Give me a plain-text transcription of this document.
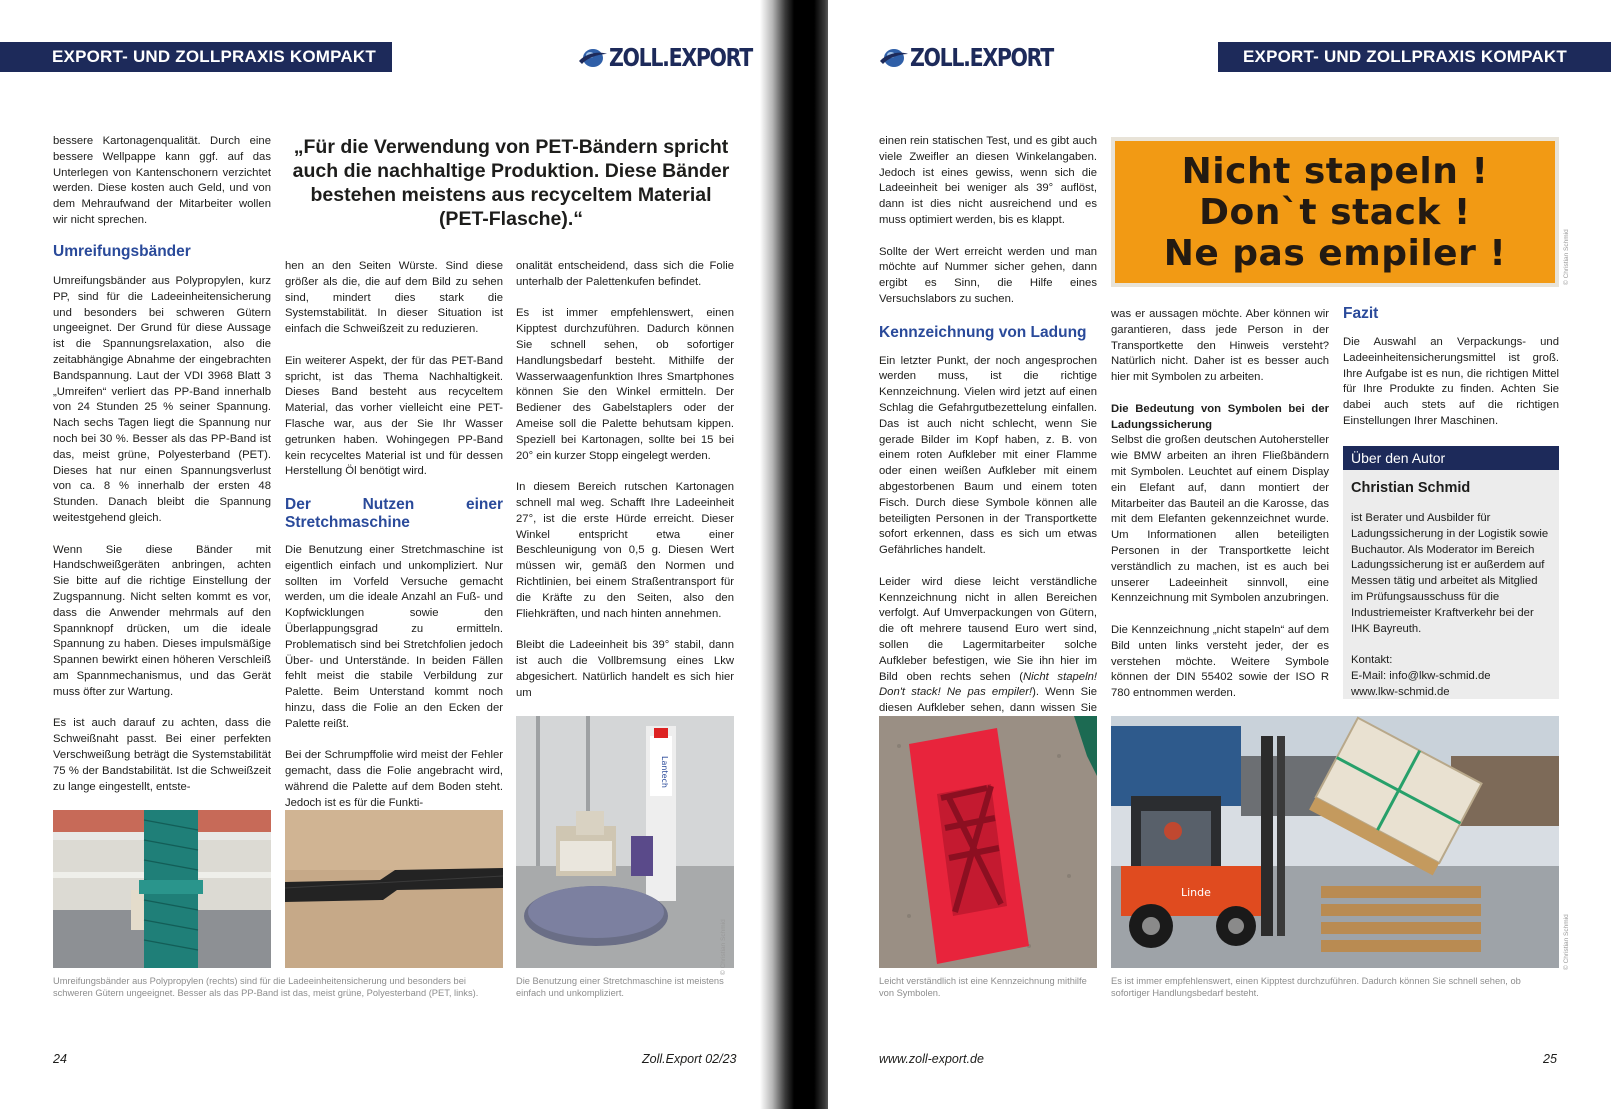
EXPORT- UND ZOLLPRAXIS KOMPAKT	ZOLL.EXPORT

bessere Kartonagenqualität. Durch eine bessere Wellpappe kann ggf. auf das Unterlegen von Kantenschonern verzichtet werden. Diese kosten auch Geld, und von dem Mehraufwand der Mitarbeiter wollen wir nicht sprechen.

„Für die Verwendung von PET-Bändern spricht auch die nachhaltige Produktion. Diese Bänder bestehen meistens aus recyceltem Material (PET-Flasche).“
Umreifungsbänder

Umreifungsbänder aus Polypropylen, kurz PP, sind für die Ladeeinheitensicherung und besonders bei schweren Gütern ungeeignet. Der Grund für diese Aussage ist die Spannungsrelaxation, also die zeitabhängige Abnahme der eingebrachten Bandspannung. Laut der VDI 3968 Blatt 3 „Umreifen“ verliert das PP-Band innerhalb von 24 Stunden 25 % seiner Spannung. Nach sechs Tagen liegt die Spannung nur noch bei 30 %. Besser als das PP-Band ist das, meist grüne, Polyesterband (PET). Dieses hat nur einen Spannungsverlust von ca. 8 % innerhalb der ersten 48 Stunden. Danach bleibt die Spannung weitestgehend gleich.

Wenn Sie diese Bänder mit Handschweißgeräten anbringen, achten Sie bitte auf die richtige Einstellung der Zugspannung. Nicht selten kommt es vor, dass die Anwender mehrmals auf den Spannknopf drücken, um die ideale Spannung zu haben. Dieses impulsmäßige Spannen bewirkt einen höheren Verschleiß am Spannmechanismus, und das Gerät muss öfter zur Wartung.

Es ist auch darauf zu achten, dass die Schweißnaht passt. Bei einer perfekten Verschweißung beträgt die Systemstabilität 75 % der Bandstabilität. Ist die Schweißzeit zu lange eingestellt, entste-

hen an den Seiten Würste. Sind diese größer als die, die auf dem Bild zu sehen sind, mindert dies stark die Systemstabilität. In dieser Situation ist einfach die Schweißzeit zu reduzieren.

Ein weiterer Aspekt, der für das PET-Band spricht, ist das Thema Nachhaltigkeit. Dieses Band besteht aus recyceltem Material, das vorher vielleicht eine PET-Flasche war, aus der Sie Ihr Wasser getrunken haben. Wohingegen PP-Band kein recyceltes Material ist und für dessen Herstellung Öl benötigt wird.

Der Nutzen einer Stretchmaschine

Die Benutzung einer Stretchmaschine ist eigentlich einfach und unkompliziert. Nur sollten im Vorfeld Versuche gemacht werden, um die ideale Anzahl an Fuß- und Kopfwicklungen sowie den Überlappungsgrad zu ermitteln. Problematisch sind bei Stretchfolien jedoch Über- und Unterstände. In beiden Fällen fehlt meist die stabile Verbildung zur Palette. Beim Unterstand kommt noch hinzu, dass die Folie an den Ecken der Palette reißt.

Bei der Schrumpffolie wird meist der Fehler gemacht, dass die Folie angebracht wird, während die Palette auf dem Boden steht. Jedoch ist es für die Funkti-

onalität entscheidend, dass sich die Folie unterhalb der Palettenkufen befindet.

Es ist immer empfehlenswert, einen Kipptest durchzuführen. Dadurch können Sie schnell sehen, ob sofortiger Handlungsbedarf besteht. Mithilfe der Wasserwaagenfunktion Ihres Smartphones können Sie den Winkel ermitteln. Der Bediener des Gabelstaplers oder der Ameise soll die Palette behutsam kippen. Speziell bei Kartonagen, sollte bei 15 bei 20° ein kurzer Stopp eingelegt werden.

In diesem Bereich rutschen Kartonagen schnell mal weg. Schafft Ihre Ladeeinheit 27°, ist die erste Hürde erreicht. Dieser Winkel entspricht etwa einer Beschleunigung von 0,5 g. Diesen Wert müssen wir, gemäß den Normen und Richtlinien, bei einem Straßentransport für die Kräfte zu den Seiten, also den Fliehkräften, und nach hinten annehmen.

Bleibt die Ladeeinheit bis 39° stabil, dann ist auch die Vollbremsung eines Lkw abgesichert. Natürlich handelt es sich hier um

Lantech
© Christian Schmid
Umreifungsbänder aus Polypropylen (rechts) sind für die Ladeeinheitensicherung und besonders bei schweren Gütern ungeeignet. Besser als das PP-Band ist das, meist grüne, Polyesterband (PET, links).
Die Benutzung einer Stretchmaschine ist meistens einfach und unkompliziert.
24	Zoll.Export 02/23
EXPORT- UND ZOLLPRAXIS KOMPAKT
ZOLL.EXPORT

einen rein statischen Test, und es gibt auch viele Zweifler an diesen Winkelangaben. Jedoch ist eines gewiss, wenn sich die Ladeeinheit bei weniger als 39° auflöst, dann ist dies nicht ausreichend und es muss optimiert werden, bis es klappt.

Sollte der Wert erreicht werden und man möchte auf Nummer sicher gehen, dann ergibt es Sinn, die Hilfe eines Versuchslabors zu suchen.

Kennzeichnung von Ladung

Ein letzter Punkt, der noch angesprochen werden muss, ist die richtige Kennzeichnung. Vielen wird jetzt auf einen Schlag die Gefahrgutbezettelung einfallen. Das ist auch nicht schlecht, wenn Sie gerade Bilder im Kopf haben, z. B. von einem roten Aufkleber mit einer Flamme oder einen weißen Aufkleber mit einem abgestorbenen Baum und einem toten Fisch. Durch diese Symbole können alle beteiligten Personen in der Transportkette sofort erkennen, dass es sich um etwas Gefährliches handelt.

Leider wird diese leicht verständliche Kennzeichnung nicht in allen Bereichen verfolgt. Auf Umverpackungen von Gütern, die oft mehrere tausend Euro wert sind, sollen die Lagermitarbeiter solche Aufkleber befestigen, wie Sie ihn hier im Bild oben rechts sehen (Nicht stapeln! Don't stack! Ne pas empiler!). Wenn Sie diesen Aufkleber sehen, dann wissen Sie

Nicht stapeln !
Don`t stack !
Ne pas empiler !	© Christian Schmid

was er aussagen möchte. Aber können wir garantieren, dass jede Person in der Transportkette den Hinweis versteht? Natürlich nicht. Daher ist es besser auch hier mit Symbolen zu arbeiten.

Die Bedeutung von Symbolen bei der Ladungssicherung

Selbst die großen deutschen Autohersteller wie BMW arbeiten an ihren Fließbändern mit Symbolen. Leuchtet auf einem Display ein Elefant auf, dann montiert der Mitarbeiter das Bauteil an die Karosse, das mit dem Elefanten gekennzeichnet wurde. Um Informationen allen beteiligten Personen in der Transportkette leicht verständlich zu machen, ist es auch bei unserer Ladeeinheit sinnvoll, eine Kennzeichnung mit Symbolen anzubringen.

Die Kennzeichnung „nicht stapeln“ auf dem Bild unten links versteht jeder, der es verstehen möchte. Weitere Symbole können der DIN 55402 sowie der ISO R 780 entnommen werden.

Fazit

Die Auswahl an Verpackungs- und Ladeeinheitensicherungsmittel ist groß. Ihre Aufgabe ist es nun, die richtigen Mittel für Ihre Produkte zu finden. Achten Sie dabei auch stets auf die richtigen Einstellungen Ihrer Maschinen.

Über den Autor
Christian Schmid
ist Berater und Ausbilder für Ladungssicherung in der Logistik sowie Buchautor. Als Moderator im Bereich Ladungssicherung ist er außerdem auf Messen tätig und arbeitet als Mitglied im Prüfungsausschuss für die Industriemeister Kraftverkehr bei der IHK Bayreuth.
Kontakt:
E-Mail: info@lkw-schmid.de
www.lkw-schmid.de
Linde
© Christian Schmid
Leicht verständlich ist eine Kennzeichnung mithilfe von Symbolen.
Es ist immer empfehlenswert, einen Kipptest durchzuführen. Dadurch können Sie schnell sehen, ob sofortiger Handlungsbedarf besteht.
www.zoll-export.de	25
